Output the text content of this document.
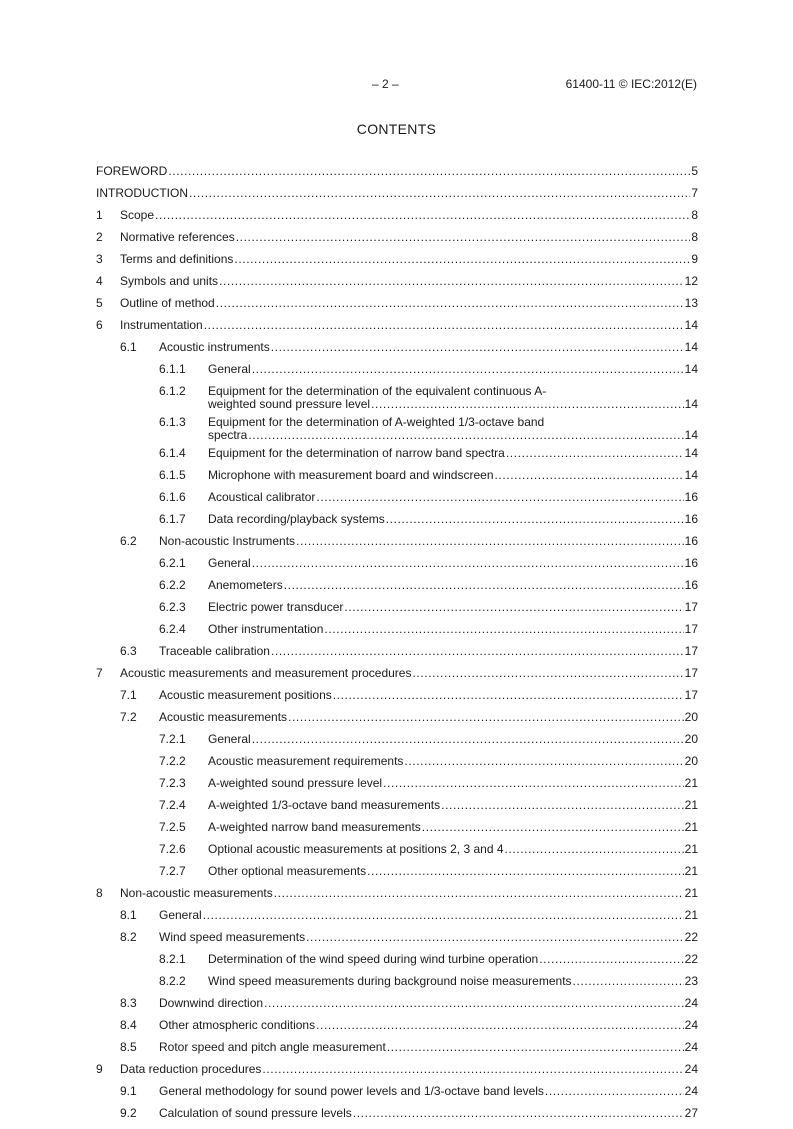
– 2 –	61400-11 © IEC:2012(E)
CONTENTS
FOREWORD .....	5
INTRODUCTION .....	7
1 Scope .....	8
2 Normative references .....	8
3 Terms and definitions .....	9
4 Symbols and units .....	12
5 Outline of method .....	13
6 Instrumentation .....	14
6.1 Acoustic instruments .....	14
6.1.1 General .....	14
6.1.2 Equipment for the determination of the equivalent continuous A-
weighted sound pressure level .....	14
6.1.3 Equipment for the determination of A-weighted 1/3-octave band
spectra .....	14
6.1.4 Equipment for the determination of narrow band spectra .....	14
6.1.5 Microphone with measurement board and windscreen .....	14
6.1.6 Acoustical calibrator .....	16
6.1.7 Data recording/playback systems .....	16
6.2 Non-acoustic Instruments .....	16
6.2.1 General .....	16
6.2.2 Anemometers .....	16
6.2.3 Electric power transducer .....	17
6.2.4 Other instrumentation .....	17
6.3 Traceable calibration .....	17
7 Acoustic measurements and measurement procedures .....	17
7.1 Acoustic measurement positions .....	17
7.2 Acoustic measurements .....	20
7.2.1 General .....	20
7.2.2 Acoustic measurement requirements .....	20
7.2.3 A-weighted sound pressure level .....	21
7.2.4 A-weighted 1/3-octave band measurements .....	21
7.2.5 A-weighted narrow band measurements .....	21
7.2.6 Optional acoustic measurements at positions 2, 3 and 4 .....	21
7.2.7 Other optional measurements .....	21
8 Non-acoustic measurements .....	21
8.1 General .....	21
8.2 Wind speed measurements .....	22
8.2.1 Determination of the wind speed during wind turbine operation .....	22
8.2.2 Wind speed measurements during background noise measurements .....	23
8.3 Downwind direction .....	24
8.4 Other atmospheric conditions .....	24
8.5 Rotor speed and pitch angle measurement .....	24
9 Data reduction procedures .....	24
9.1 General methodology for sound power levels and 1/3-octave band levels .....	24
9.2 Calculation of sound pressure levels .....	27
